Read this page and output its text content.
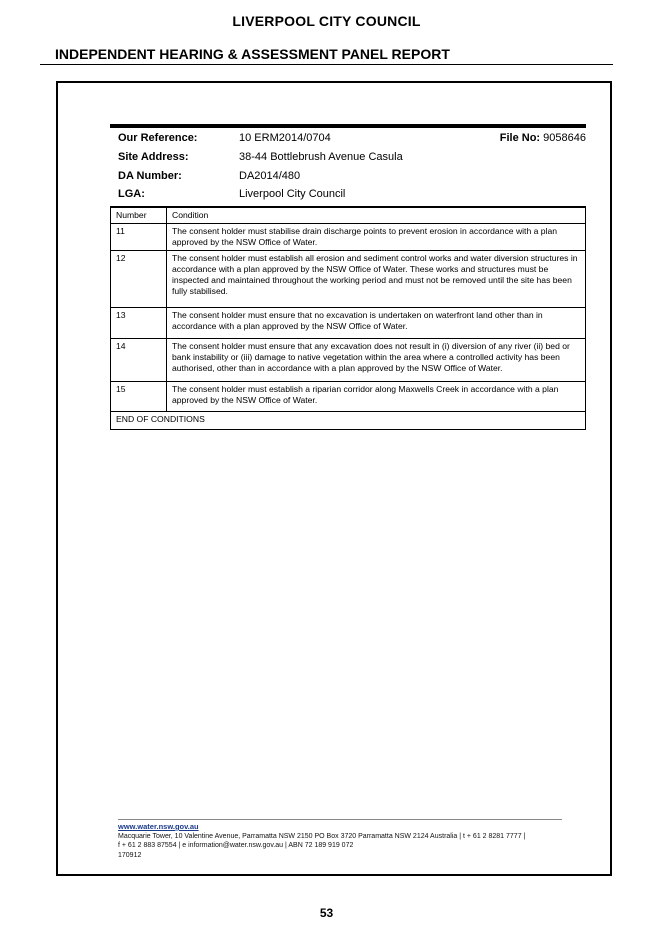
LIVERPOOL CITY COUNCIL
INDEPENDENT HEARING & ASSESSMENT PANEL REPORT
Our Reference:	10 ERM2014/0704	File No: 9058646
Site Address:	38-44 Bottlebrush Avenue Casula
DA Number:	DA2014/480
LGA:	Liverpool City Council
Number	Condition
11	The consent holder must stabilise drain discharge points to prevent erosion in accordance with a plan approved by the NSW Office of Water.
12	The consent holder must establish all erosion and sediment control works and water diversion structures in accordance with a plan approved by the NSW Office of Water. These works and structures must be inspected and maintained throughout the working period and must not be removed until the site has been fully stabilised.
13	The consent holder must ensure that no excavation is undertaken on waterfront land other than in accordance with a plan approved by the NSW Office of Water.
14	The consent holder must ensure that any excavation does not result in (i) diversion of any river (ii) bed or bank instability or (iii) damage to native vegetation within the area where a controlled activity has been authorised, other than in accordance with a plan approved by the NSW Office of Water.
15	The consent holder must establish a riparian corridor along Maxwells Creek in accordance with a plan approved by the NSW Office of Water.
END OF CONDITIONS	
www.water.nsw.gov.au
Macquarie Tower, 10 Valentine Avenue, Parramatta NSW 2150 PO Box 3720 Parramatta NSW 2124 Australia | t + 61 2 8281 7777 |
f + 61 2 883 87554 | e information@water.nsw.gov.au | ABN 72 189 919 072
170912
53
